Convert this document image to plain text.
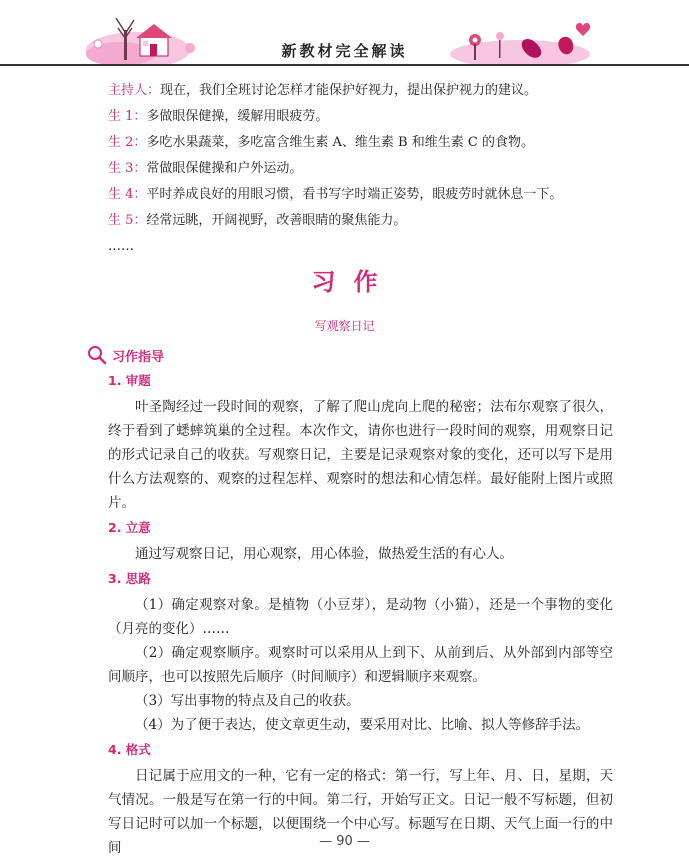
新教材完全解读
主持人：现在，我们全班讨论怎样才能保护好视力，提出保护视力的建议。
生 1：多做眼保健操，缓解用眼疲劳。
生 2：多吃水果蔬菜，多吃富含维生素 A、维生素 B 和维生素 C 的食物。
生 3：常做眼保健操和户外运动。
生 4：平时养成良好的用眼习惯，看书写字时端正姿势，眼疲劳时就休息一下。
生 5：经常远眺，开阔视野，改善眼睛的聚焦能力。
……
习作
写观察日记
习作指导
1. 审题

叶圣陶经过一段时间的观察，了解了爬山虎向上爬的秘密；法布尔观察了很久，终于看到了蟋蟀筑巢的全过程。本次作文，请你也进行一段时间的观察，用观察日记的形式记录自己的收获。写观察日记，主要是记录观察对象的变化，还可以写下是用什么方法观察的、观察的过程怎样、观察时的想法和心情怎样。最好能附上图片或照片。

2. 立意

通过写观察日记，用心观察，用心体验，做热爱生活的有心人。

3. 思路

（1）确定观察对象。是植物（小豆芽），是动物（小猫），还是一个事物的变化（月亮的变化）……

（2）确定观察顺序。观察时可以采用从上到下、从前到后、从外部到内部等空间顺序，也可以按照先后顺序（时间顺序）和逻辑顺序来观察。

（3）写出事物的特点及自己的收获。

（4）为了便于表达，使文章更生动，要采用对比、比喻、拟人等修辞手法。

4. 格式

日记属于应用文的一种，它有一定的格式：第一行，写上年、月、日，星期，天气情况。一般是写在第一行的中间。第二行，开始写正文。日记一般不写标题，但初写日记时可以加一个标题，以便围绕一个中心写。标题写在日期、天气上面一行的中间	— 90 —
